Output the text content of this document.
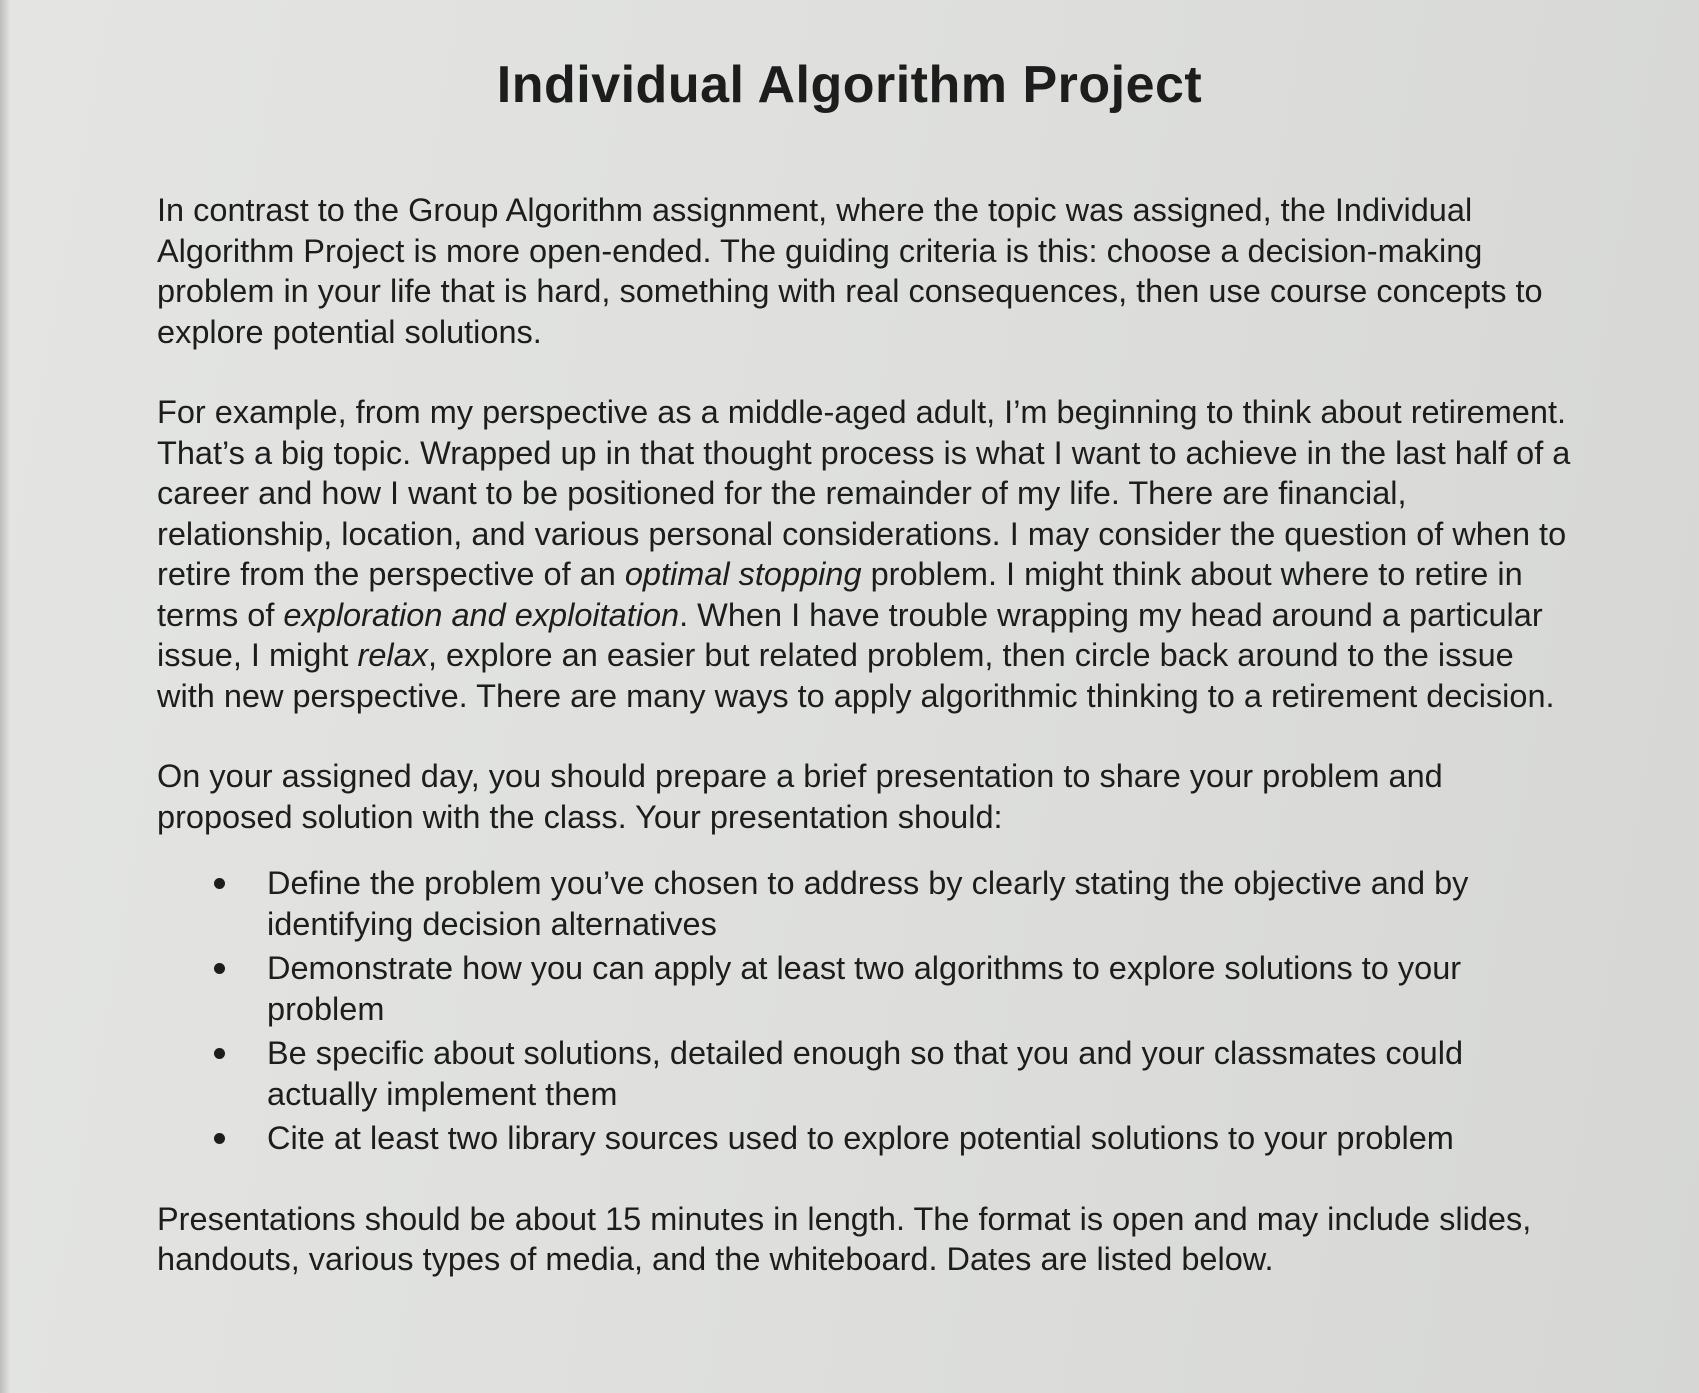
Individual Algorithm Project

In contrast to the Group Algorithm assignment, where the topic was assigned, the Individual Algorithm Project is more open-ended. The guiding criteria is this: choose a decision-making problem in your life that is hard, something with real consequences, then use course concepts to explore potential solutions.

For example, from my perspective as a middle-aged adult, I’m beginning to think about retirement. That’s a big topic. Wrapped up in that thought process is what I want to achieve in the last half of a career and how I want to be positioned for the remainder of my life. There are financial, relationship, location, and various personal considerations. I may consider the question of when to retire from the perspective of an optimal stopping problem. I might think about where to retire in terms of exploration and exploitation. When I have trouble wrapping my head around a particular issue, I might relax, explore an easier but related problem, then circle back around to the issue with new perspective. There are many ways to apply algorithmic thinking to a retirement decision.

On your assigned day, you should prepare a brief presentation to share your problem and proposed solution with the class. Your presentation should:

Define the problem you’ve chosen to address by clearly stating the objective and by identifying decision alternatives
Demonstrate how you can apply at least two algorithms to explore solutions to your problem
Be specific about solutions, detailed enough so that you and your classmates could actually implement them
Cite at least two library sources used to explore potential solutions to your problem

Presentations should be about 15 minutes in length. The format is open and may include slides, handouts, various types of media, and the whiteboard. Dates are listed below.
